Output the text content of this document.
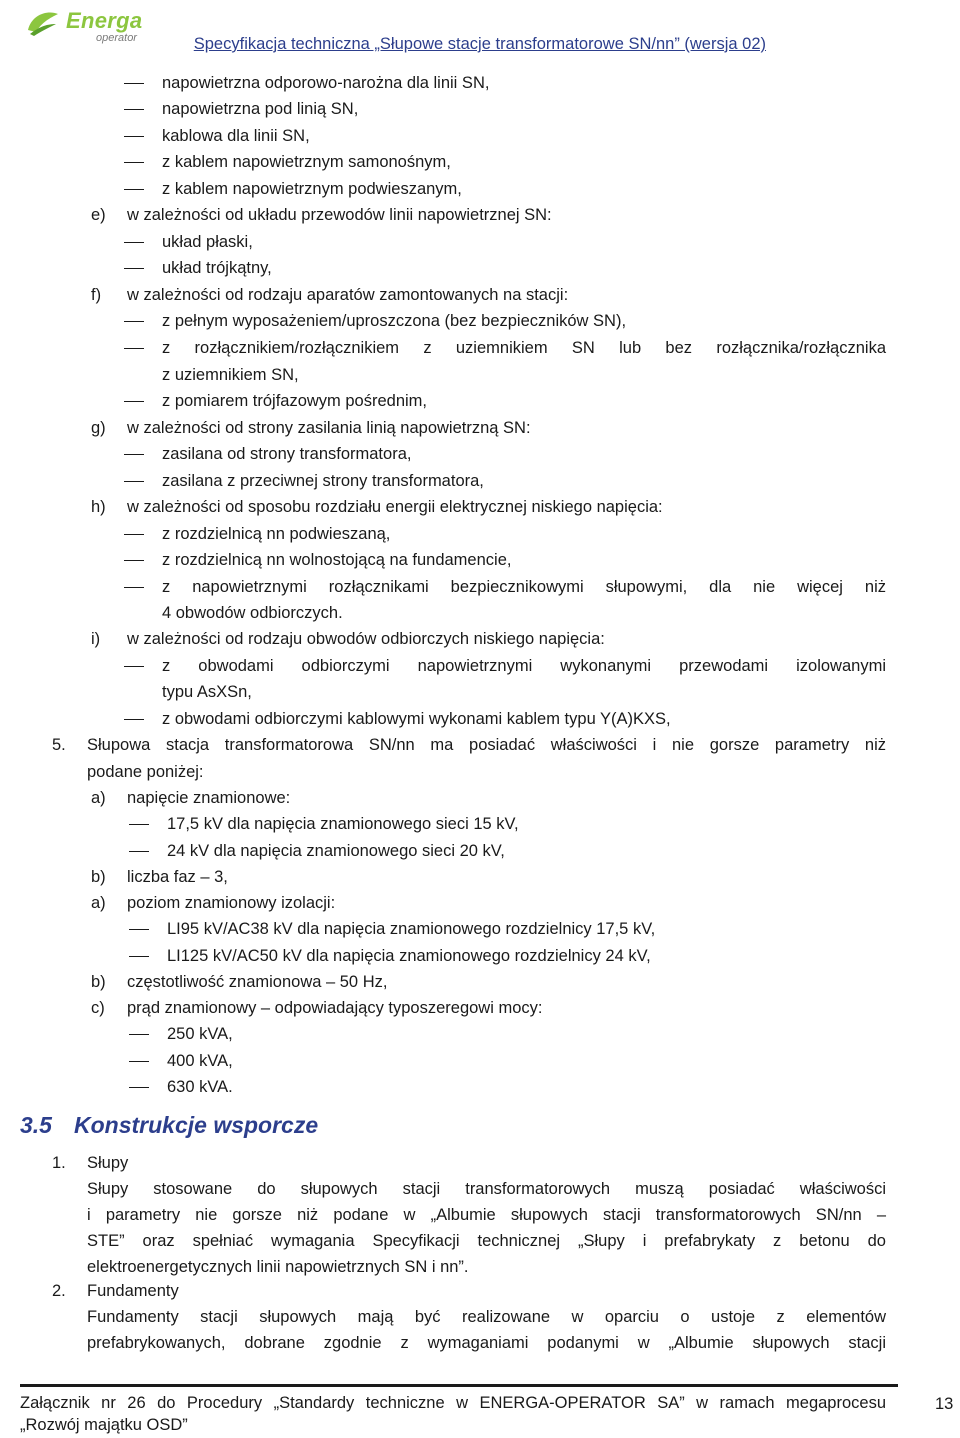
Energa
operator	Specyfikacja techniczna „Słupowe stacje transformatorowe SN/nn” (wersja 02)
napowietrzna odporowo-narożna dla linii SN,
napowietrzna pod linią SN,
kablowa dla linii SN,
z kablem napowietrznym samonośnym,
z kablem napowietrznym podwieszanym,
e) w zależności od układu przewodów linii napowietrznej SN:
układ płaski,
układ trójkątny,
f) w zależności od rodzaju aparatów zamontowanych na stacji:
z pełnym wyposażeniem/uproszczona (bez bezpieczników SN),
z rozłącznikiem/rozłącznikiem z uziemnikiem SN lub bez rozłącznika/rozłącznika
z uziemnikiem SN,
z pomiarem trójfazowym pośrednim,
g) w zależności od strony zasilania linią napowietrzną SN:
zasilana od strony transformatora,
zasilana z przeciwnej strony transformatora,
h) w zależności od sposobu rozdziału energii elektrycznej niskiego napięcia:
z rozdzielnicą nn podwieszaną,
z rozdzielnicą nn wolnostojącą na fundamencie,
z napowietrznymi rozłącznikami bezpiecznikowymi słupowymi, dla nie więcej niż
4 obwodów odbiorczych.
i) w zależności od rodzaju obwodów odbiorczych niskiego napięcia:
z obwodami odbiorczymi napowietrznymi wykonanymi przewodami izolowanymi
typu AsXSn,
z obwodami odbiorczymi kablowymi wykonami kablem typu Y(A)KXS,
5. Słupowa stacja transformatorowa SN/nn ma posiadać właściwości i nie gorsze parametry niż
podane poniżej:
a) napięcie znamionowe:
17,5 kV dla napięcia znamionowego sieci 15 kV,
24 kV dla napięcia znamionowego sieci 20 kV,
b) liczba faz – 3,
a) poziom znamionowy izolacji:
LI95 kV/AC38 kV dla napięcia znamionowego rozdzielnicy 17,5 kV,
LI125 kV/AC50 kV dla napięcia znamionowego rozdzielnicy 24 kV,
b) częstotliwość znamionowa – 50 Hz,
c) prąd znamionowy – odpowiadający typoszeregowi mocy:
250 kVA,
400 kVA,
630 kVA.
3.5 Konstrukcje wsporcze
1. Słupy
Słupy stosowane do słupowych stacji transformatorowych muszą posiadać właściwości
i parametry nie gorsze niż podane w „Albumie słupowych stacji transformatorowych SN/nn –
STE” oraz spełniać wymagania Specyfikacji technicznej „Słupy i prefabrykaty z betonu do
elektroenergetycznych linii napowietrznych SN i nn”.
2. Fundamenty
Fundamenty stacji słupowych mają być realizowane w oparciu o ustoje z elementów
prefabrykowanych, dobrane zgodnie z wymaganiami podanymi w „Albumie słupowych stacji
Załącznik nr 26 do Procedury „Standardy techniczne w ENERGA-OPERATOR SA” w ramach megaprocesu
„Rozwój majątku OSD”
13
